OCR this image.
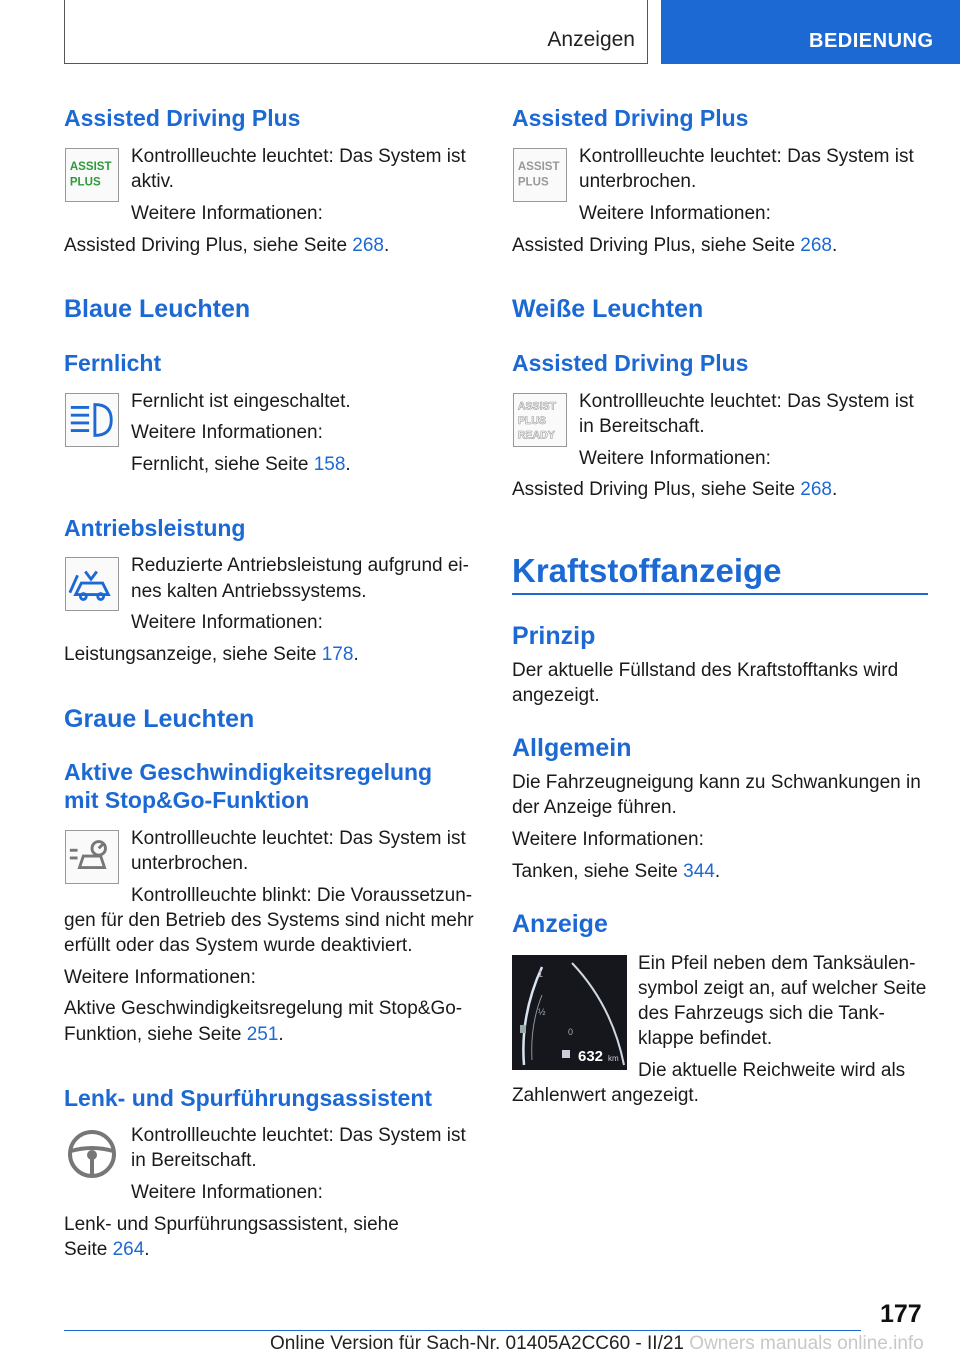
Anzeigen	BEDIENUNG
Assisted Driving Plus
ASSIST
PLUS
Kontrollleuchte leuchtet: Das System ist
aktiv.
Weitere Informationen:
Assisted Driving Plus, siehe Seite 268.
Blaue Leuchten
Fernlicht
Fernlicht ist eingeschaltet.
Weitere Informationen:
Fernlicht, siehe Seite 158.
Antriebsleistung
Reduzierte Antriebsleistung aufgrund ei-
nes kalten Antriebssystems.
Weitere Informationen:
Leistungsanzeige, siehe Seite 178.
Graue Leuchten
Aktive Geschwindigkeitsregelung
mit Stop&Go-Funktion
Kontrollleuchte leuchtet: Das System ist
unterbrochen.
Kontrollleuchte blinkt: Die Voraussetzun-
gen für den Betrieb des Systems sind nicht mehr
erfüllt oder das System wurde deaktiviert.
Weitere Informationen:
Aktive Geschwindigkeitsregelung mit Stop&Go-
Funktion, siehe Seite 251.
Lenk- und Spurführungsassistent
Kontrollleuchte leuchtet: Das System ist
in Bereitschaft.
Weitere Informationen:
Lenk- und Spurführungsassistent, siehe
Seite 264.
Assisted Driving Plus
ASSIST
PLUS
Kontrollleuchte leuchtet: Das System ist
unterbrochen.
Weitere Informationen:
Assisted Driving Plus, siehe Seite 268.
Weiße Leuchten
Assisted Driving Plus
ASSIST
PLUS
READY
Kontrollleuchte leuchtet: Das System ist
in Bereitschaft.
Weitere Informationen:
Assisted Driving Plus, siehe Seite 268.
Kraftstoffanzeige
Prinzip
Der aktuelle Füllstand des Kraftstofftanks wird
angezeigt.
Allgemein
Die Fahrzeugneigung kann zu Schwankungen in
der Anzeige führen.
Weitere Informationen:
Tanken, siehe Seite 344.
Anzeige
1
½
0
632 km
Ein Pfeil neben dem Tanksäulen-
symbol zeigt an, auf welcher Seite
des Fahrzeugs sich die Tank-
klappe befindet.
Die aktuelle Reichweite wird als
Zahlenwert angezeigt.
177
Online Version für Sach-Nr. 01405A2CC60 - II/21 Owners manuals online.info
